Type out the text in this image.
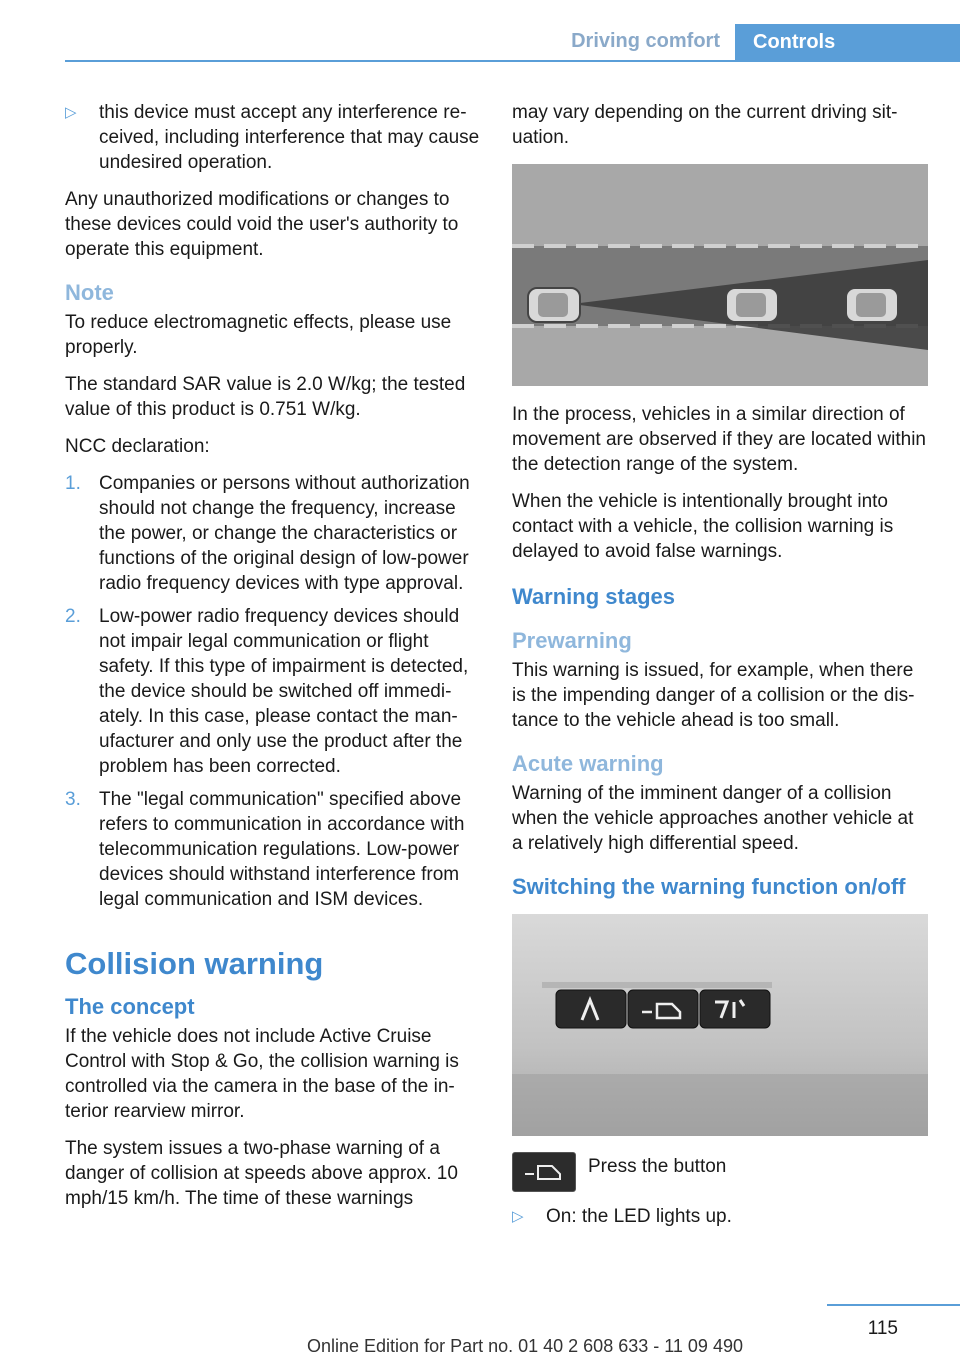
Driving comfort	Controls
▷	this device must accept any interference received, including interference that may cause undesired operation.

Any unauthorized modifications or changes to these devices could void the user's authority to operate this equipment.

Note

To reduce electromagnetic effects, please use properly.

The standard SAR value is 2.0 W/kg; the tested value of this product is 0.751 W/kg.

NCC declaration:

1. Companies or persons without authorization should not change the frequency, increase the power, or change the characteristics or functions of the original design of low-power radio frequency devices with type approval.
2. Low-power radio frequency devices should not impair legal communication or flight safety. If this type of impairment is detected, the device should be switched off immediately. In this case, please contact the manufacturer and only use the product after the problem has been corrected.
3. The "legal communication" specified above refers to communication in accordance with telecommunication regulations. Low-power devices should withstand interference from legal communication and ISM devices.
Collision warning
The concept

If the vehicle does not include Active Cruise Control with Stop & Go, the collision warning is controlled via the camera in the base of the interior rearview mirror.

The system issues a two-phase warning of a danger of collision at speeds above approx. 10 mph/15 km/h. The time of these warnings

may vary depending on the current driving situation.

In the process, vehicles in a similar direction of movement are observed if they are located within the detection range of the system.

When the vehicle is intentionally brought into contact with a vehicle, the collision warning is delayed to avoid false warnings.

Warning stages
Prewarning

This warning is issued, for example, when there is the impending danger of a collision or the distance to the vehicle ahead is too small.

Acute warning

Warning of the imminent danger of a collision when the vehicle approaches another vehicle at a relatively high differential speed.

Switching the warning function on/off
Press the button
▷	On: the LED lights up.
115
Online Edition for Part no. 01 40 2 608 633 - 11 09 490
